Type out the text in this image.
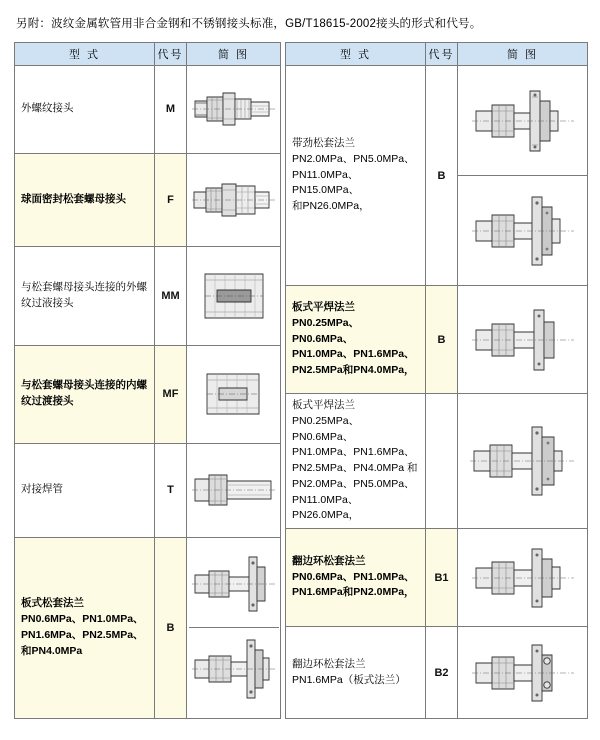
另附：波纹金属软管用非合金钢和不锈钢接头标准，GB/T18615-2002接头的形式和代号。
型 式	代号	简 图
外螺纹接头	M	

球面密封松套螺母接头	F	

与松套螺母接头连接的外螺纹过液接头	MM	

与松套螺母接头连接的内螺纹过渡接头	MF	

对接焊管	T	

板式松套法兰
PN0.6MPa、PN1.0MPa、
PN1.6MPa、PN2.5MPa、
和PN4.0MPa	B	
型 式	代号	简 图
带劲松套法兰
PN2.0MPa、PN5.0MPa、
PN11.0MPa、PN15.0MPa、
和PN26.0MPa，	B	

板式平焊法兰
PN0.25MPa、PN0.6MPa、
PN1.0MPa、PN1.6MPa、
PN2.5MPa和PN4.0MPa，	B	

板式平焊法兰
PN0.25MPa、PN0.6MPa、
PN1.0MPa、PN1.6MPa、
PN2.5MPa、PN4.0MPa 和
PN2.0MPa、PN5.0MPa、
PN11.0MPa、PN26.0MPa，		

翻边环松套法兰
PN0.6MPa、PN1.0MPa、
PN1.6MPa和PN2.0MPa，	B1	

翻边环松套法兰
PN1.6MPa（板式法兰）	B2	
